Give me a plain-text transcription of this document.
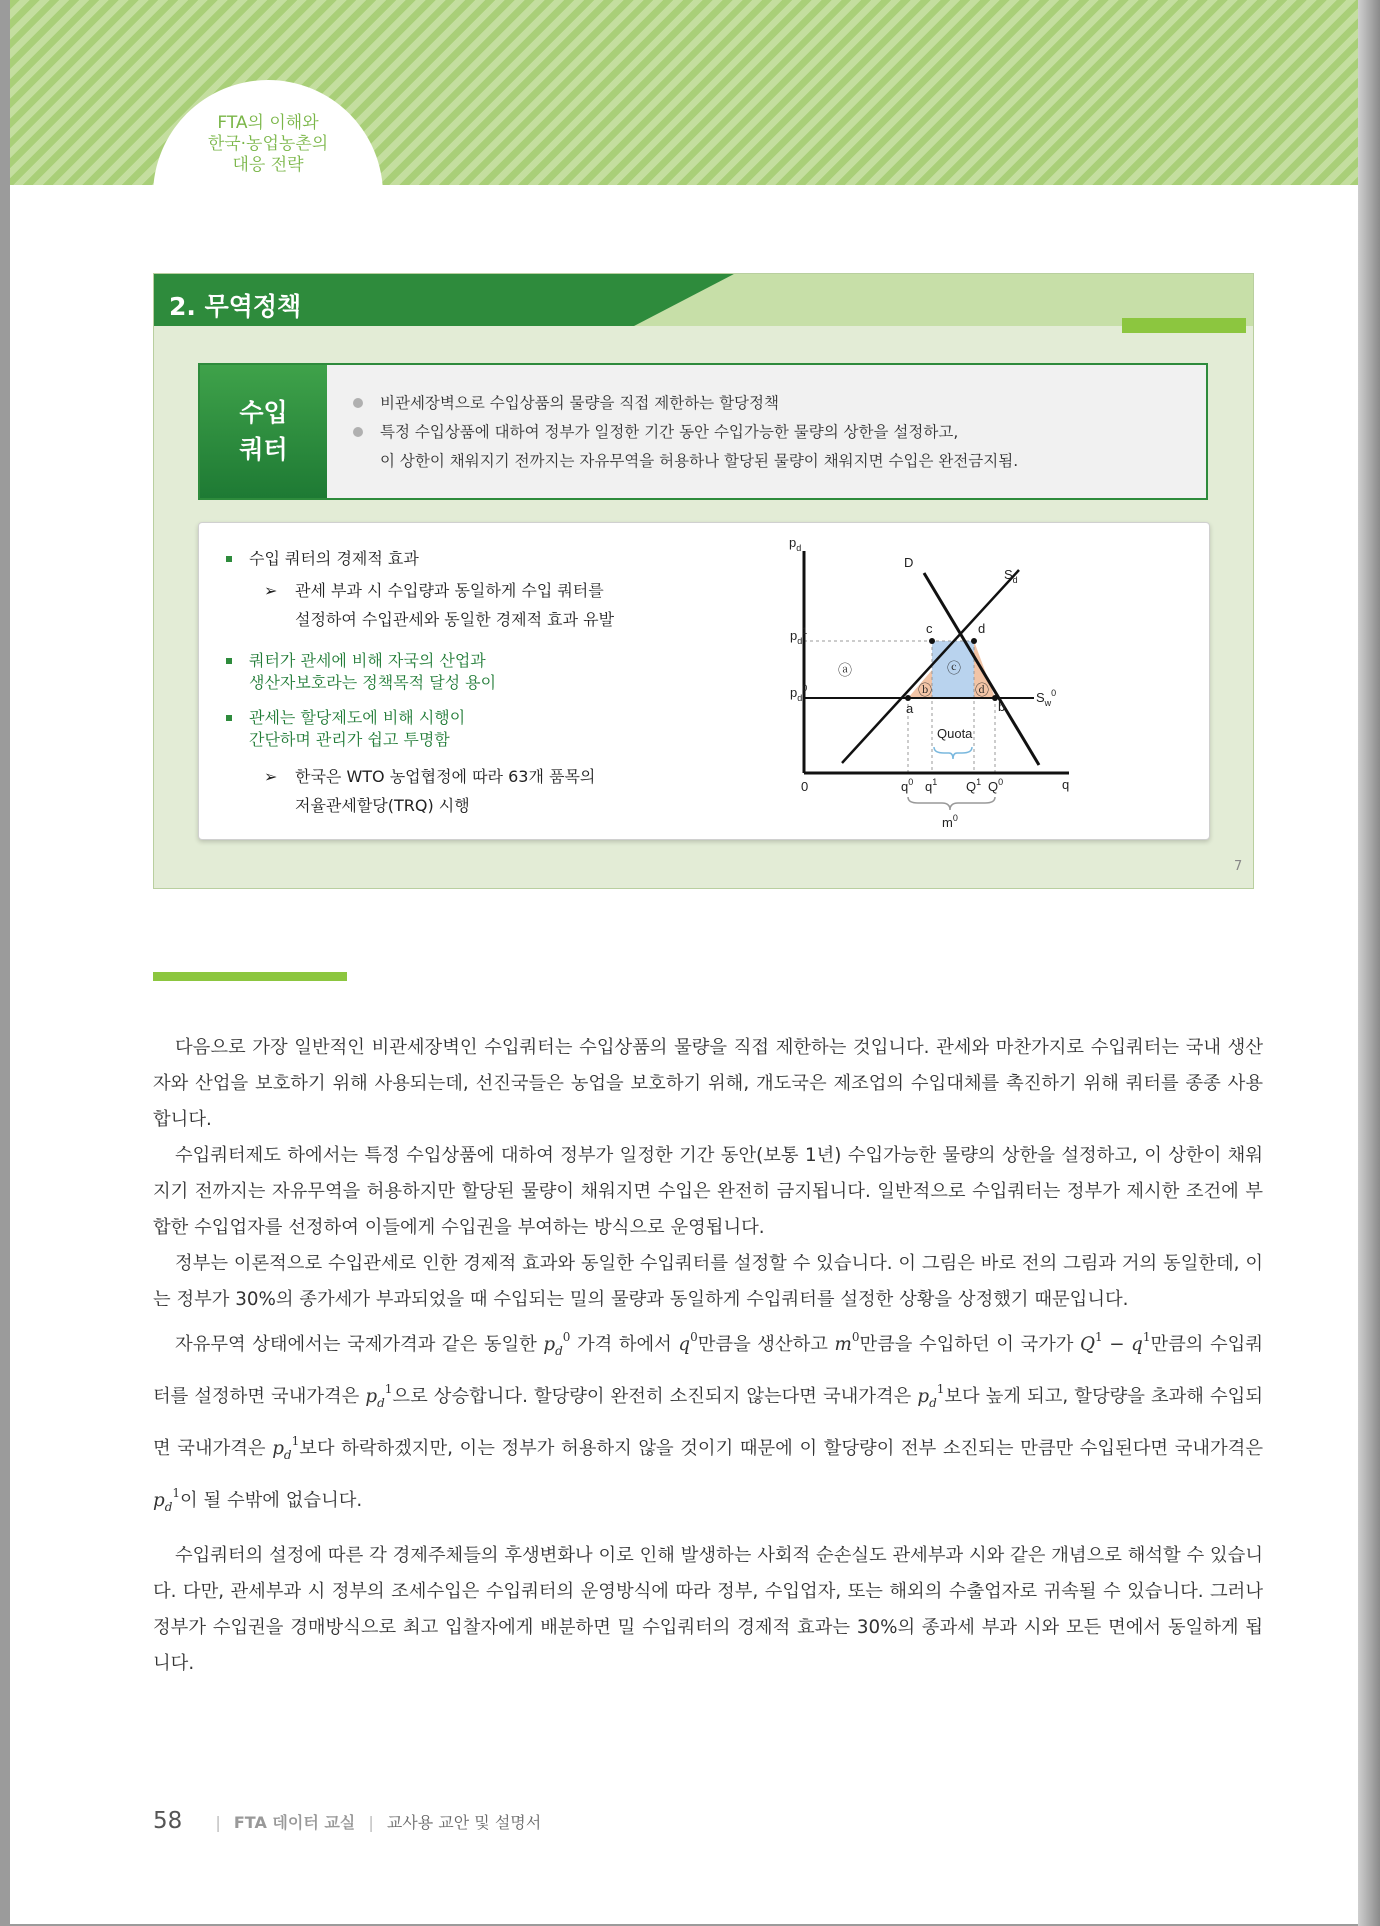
FTA의 이해와
한국·농업농촌의
대응 전략
2. 무역정책
수입
쿼터
비관세장벽으로 수입상품의 물량을 직접 제한하는 할당정책
특정 수입상품에 대하여 정부가 일정한 기간 동안 수입가능한 물량의 상한을 설정하고,
이 상한이 채워지기 전까지는 자유무역을 허용하나 할당된 물량이 채워지면 수입은 완전금지됨.
수입 쿼터의 경제적 효과
➢ 관세 부과 시 수입량과 동일하게 수입 쿼터를
설정하여 수입관세와 동일한 경제적 효과 유발
쿼터가 관세에 비해 자국의 산업과
생산자보호라는 정책목적 달성 용이
관세는 할당제도에 비해 시행이
간단하며 관리가 쉽고 투명함
➢ 한국은 WTO 농업협정에 따라 63개 품목의
저율관세할당(TRQ) 시행
$p_d$
$p_d^1$
$p_d^0$
D
$S_d$
$S_w^0$
c	d
a	b
ⓐ
ⓑ
ⓒ
ⓓ
Quota
0	$q^0$ $q^1$ $Q^1$ $Q^0$	q
$m^0$
7

다음으로 가장 일반적인 비관세장벽인 수입쿼터는 수입상품의 물량을 직접 제한하는 것입니다. 관세와 마찬가지로 수입쿼터는 국내 생산자와 산업을 보호하기 위해 사용되는데, 선진국들은 농업을 보호하기 위해, 개도국은 제조업의 수입대체를 촉진하기 위해 쿼터를 종종 사용합니다.

수입쿼터제도 하에서는 특정 수입상품에 대하여 정부가 일정한 기간 동안(보통 1년) 수입가능한 물량의 상한을 설정하고, 이 상한이 채워지기 전까지는 자유무역을 허용하지만 할당된 물량이 채워지면 수입은 완전히 금지됩니다. 일반적으로 수입쿼터는 정부가 제시한 조건에 부합한 수입업자를 선정하여 이들에게 수입권을 부여하는 방식으로 운영됩니다.

정부는 이론적으로 수입관세로 인한 경제적 효과와 동일한 수입쿼터를 설정할 수 있습니다. 이 그림은 바로 전의 그림과 거의 동일한데, 이는 정부가 30%의 종가세가 부과되었을 때 수입되는 밀의 물량과 동일하게 수입쿼터를 설정한 상황을 상정했기 때문입니다.

자유무역 상태에서는 국제가격과 같은 동일한 $p_d^0$ 가격 하에서 $q^0$만큼을 생산하고 $m^0$만큼을 수입하던 이 국가가 $Q^1 - q^1$만큼의 수입쿼터를 설정하면 국내가격은 $p_d^1$으로 상승합니다. 할당량이 완전히 소진되지 않는다면 국내가격은 $p_d^1$보다 높게 되고, 할당량을 초과해 수입되면 국내가격은 $p_d^1$보다 하락하겠지만, 이는 정부가 허용하지 않을 것이기 때문에 이 할당량이 전부 소진되는 만큼만 수입된다면 국내가격은 $p_d^1$이 될 수밖에 없습니다.

수입쿼터의 설정에 따른 각 경제주체들의 후생변화나 이로 인해 발생하는 사회적 순손실도 관세부과 시와 같은 개념으로 해석할 수 있습니다. 다만, 관세부과 시 정부의 조세수입은 수입쿼터의 운영방식에 따라 정부, 수입업자, 또는 해외의 수출업자로 귀속될 수 있습니다. 그러나 정부가 수입권을 경매방식으로 최고 입찰자에게 배분하면 밀 수입쿼터의 경제적 효과는 30%의 종과세 부과 시와 모든 면에서 동일하게 됩니다.

58 | FTA 데이터 교실 | 교사용 교안 및 설명서
